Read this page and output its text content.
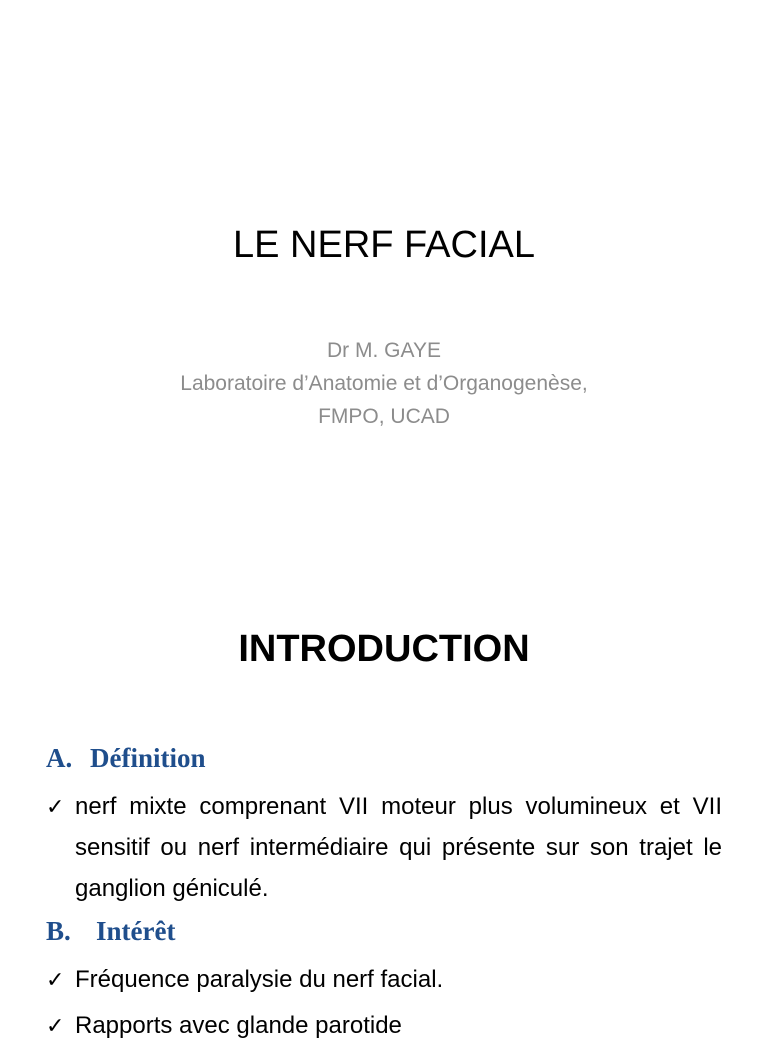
LE NERF FACIAL
Dr M. GAYE
Laboratoire d’Anatomie et d’Organogenèse,
FMPO, UCAD
INTRODUCTION
A. Définition
✓ nerf mixte comprenant VII moteur plus volumineux et VII sensitif ou nerf intermédiaire qui présente sur son trajet le ganglion géniculé.
B. Intérêt
✓ Fréquence paralysie du nerf facial.
✓ Rapports avec glande parotide
